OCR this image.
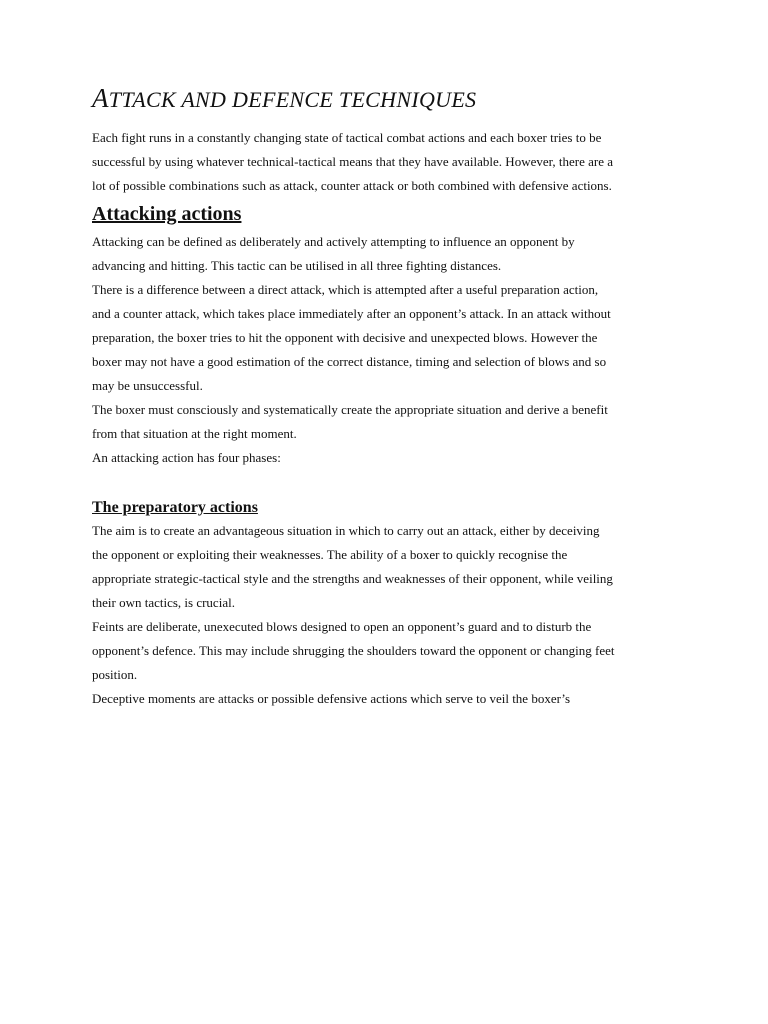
ATTACK AND DEFENCE TECHNIQUES

Each fight runs in a constantly changing state of tactical combat actions and each boxer tries to be

successful by using whatever technical-tactical means that they have available. However, there are a

lot of possible combinations such as attack, counter attack or both combined with defensive actions.

Attacking actions

Attacking can be defined as deliberately and actively attempting to influence an opponent by

advancing and hitting. This tactic can be utilised in all three fighting distances.

There is a difference between a direct attack, which is attempted after a useful preparation action,

and a counter attack, which takes place immediately after an opponent’s attack. In an attack without

preparation, the boxer tries to hit the opponent with decisive and unexpected blows. However the

boxer may not have a good estimation of the correct distance, timing and selection of blows and so

may be unsuccessful.

The boxer must consciously and systematically create the appropriate situation and derive a benefit

from that situation at the right moment.

An attacking action has four phases:

The preparatory actions

The aim is to create an advantageous situation in which to carry out an attack, either by deceiving

the opponent or exploiting their weaknesses. The ability of a boxer to quickly recognise the

appropriate strategic-tactical style and the strengths and weaknesses of their opponent, while veiling

their own tactics, is crucial.

Feints are deliberate, unexecuted blows designed to open an opponent’s guard and to disturb the

opponent’s defence. This may include shrugging the shoulders toward the opponent or changing feet

position.

Deceptive moments are attacks or possible defensive actions which serve to veil the boxer’s
